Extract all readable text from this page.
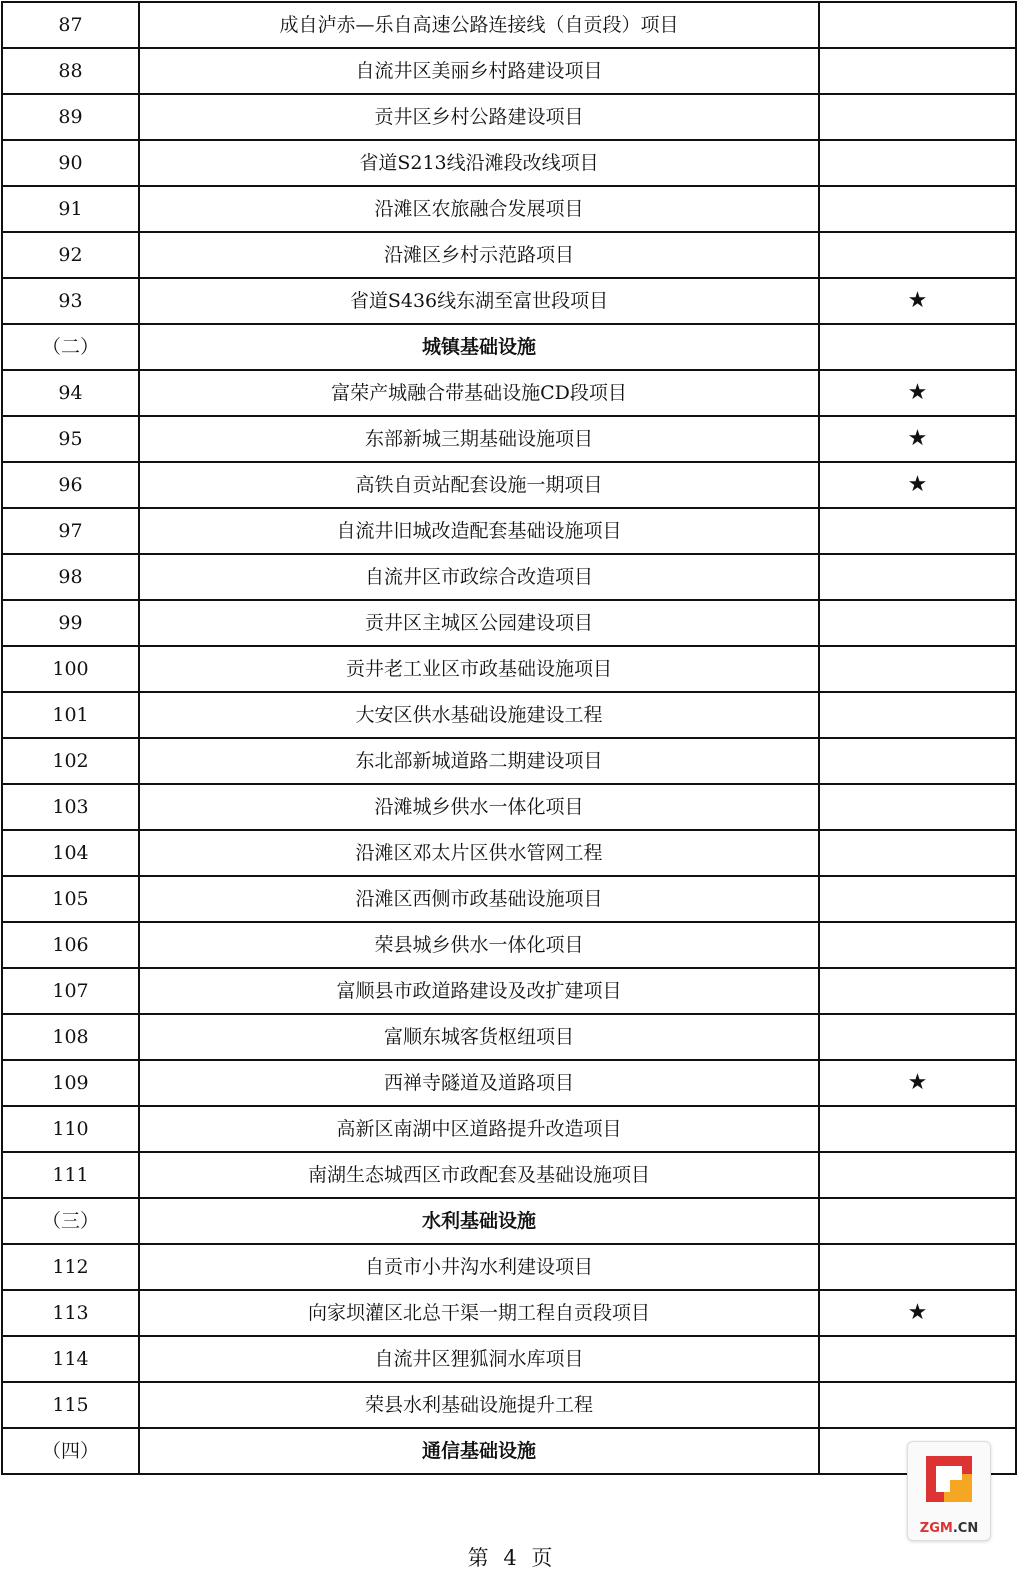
87	成自泸赤—乐自高速公路连接线（自贡段）项目	
88	自流井区美丽乡村路建设项目	
89	贡井区乡村公路建设项目	
90	省道S213线沿滩段改线项目	
91	沿滩区农旅融合发展项目	
92	沿滩区乡村示范路项目	
93	省道S436线东湖至富世段项目	★
（二）	城镇基础设施	
94	富荣产城融合带基础设施CD段项目	★
95	东部新城三期基础设施项目	★
96	高铁自贡站配套设施一期项目	★
97	自流井旧城改造配套基础设施项目	
98	自流井区市政综合改造项目	
99	贡井区主城区公园建设项目	
100	贡井老工业区市政基础设施项目	
101	大安区供水基础设施建设工程	
102	东北部新城道路二期建设项目	
103	沿滩城乡供水一体化项目	
104	沿滩区邓太片区供水管网工程	
105	沿滩区西侧市政基础设施项目	
106	荣县城乡供水一体化项目	
107	富顺县市政道路建设及改扩建项目	
108	富顺东城客货枢纽项目	
109	西禅寺隧道及道路项目	★
110	高新区南湖中区道路提升改造项目	
111	南湖生态城西区市政配套及基础设施项目	
（三）	水利基础设施	
112	自贡市小井沟水利建设项目	
113	向家坝灌区北总干渠一期工程自贡段项目	★
114	自流井区狸狐洞水库项目	
115	荣县水利基础设施提升工程	
（四）	通信基础设施	
第 4 页
ZGM.CN
